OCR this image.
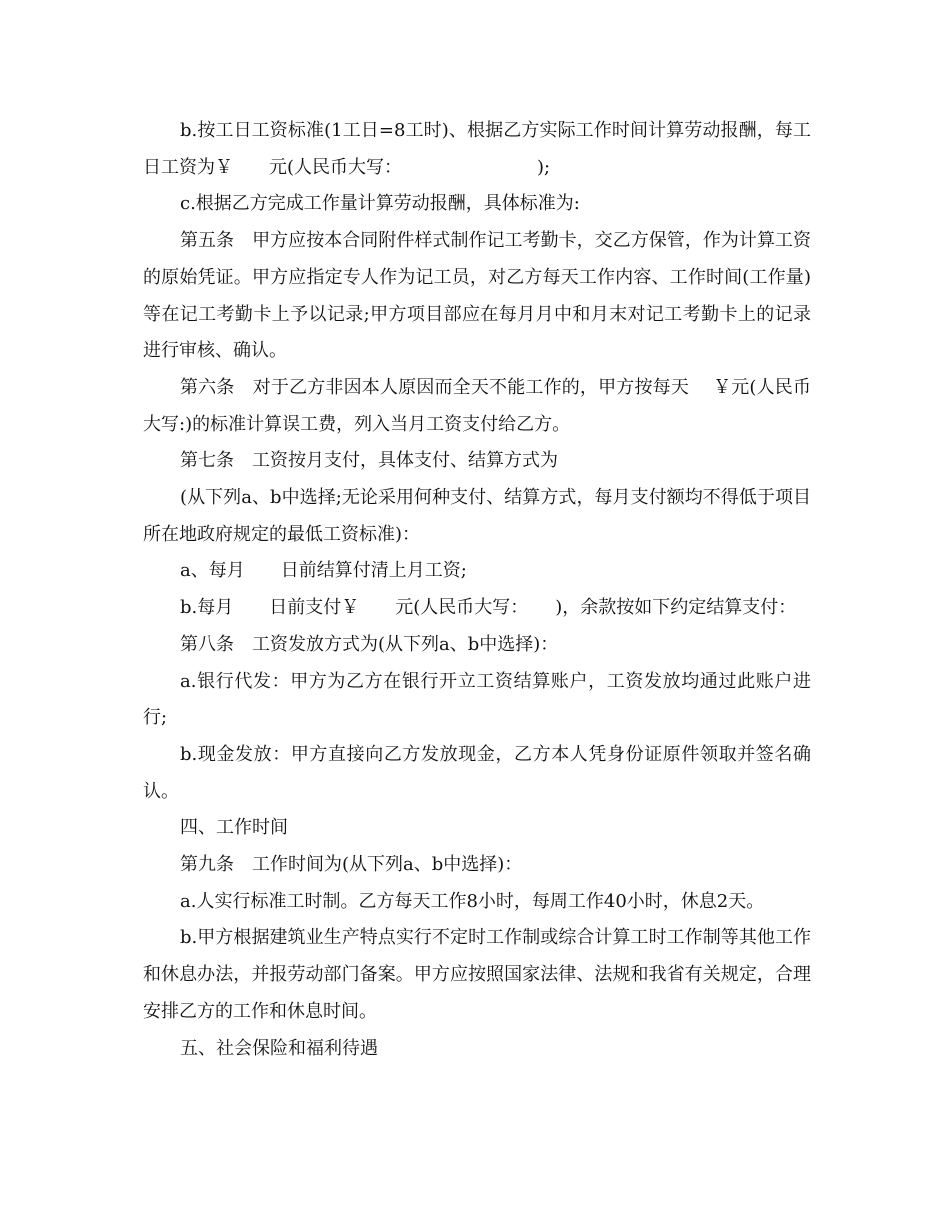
b.按工日工资标准(1工日=8工时)、根据乙方实际工作时间计算劳动报酬，每工日工资为￥　　元(人民币大写：　　　　　　　　);

c.根据乙方完成工作量计算劳动报酬，具体标准为:

第五条　甲方应按本合同附件样式制作记工考勤卡，交乙方保管，作为计算工资的原始凭证。甲方应指定专人作为记工员，对乙方每天工作内容、工作时间(工作量)等在记工考勤卡上予以记录;甲方项目部应在每月月中和月末对记工考勤卡上的记录进行审核、确认。

第六条　对于乙方非因本人原因而全天不能工作的，甲方按每天　 ￥元(人民币大写:)的标准计算误工费，列入当月工资支付给乙方。

第七条　工资按月支付，具体支付、结算方式为

(从下列a、b中选择;无论采用何种支付、结算方式，每月支付额均不得低于项目所在地政府规定的最低工资标准)：

a、每月　　日前结算付清上月工资;

b.每月　　日前支付￥　　元(人民币大写：　　)，余款按如下约定结算支付：

第八条　工资发放方式为(从下列a、b中选择)：

a.银行代发：甲方为乙方在银行开立工资结算账户，工资发放均通过此账户进行;

b.现金发放：甲方直接向乙方发放现金，乙方本人凭身份证原件领取并签名确认。

四、工作时间

第九条　工作时间为(从下列a、b中选择)：

a.人实行标准工时制。乙方每天工作8小时，每周工作40小时，休息2天。

b.甲方根据建筑业生产特点实行不定时工作制或综合计算工时工作制等其他工作和休息办法，并报劳动部门备案。甲方应按照国家法律、法规和我省有关规定，合理安排乙方的工作和休息时间。

五、社会保险和福利待遇
